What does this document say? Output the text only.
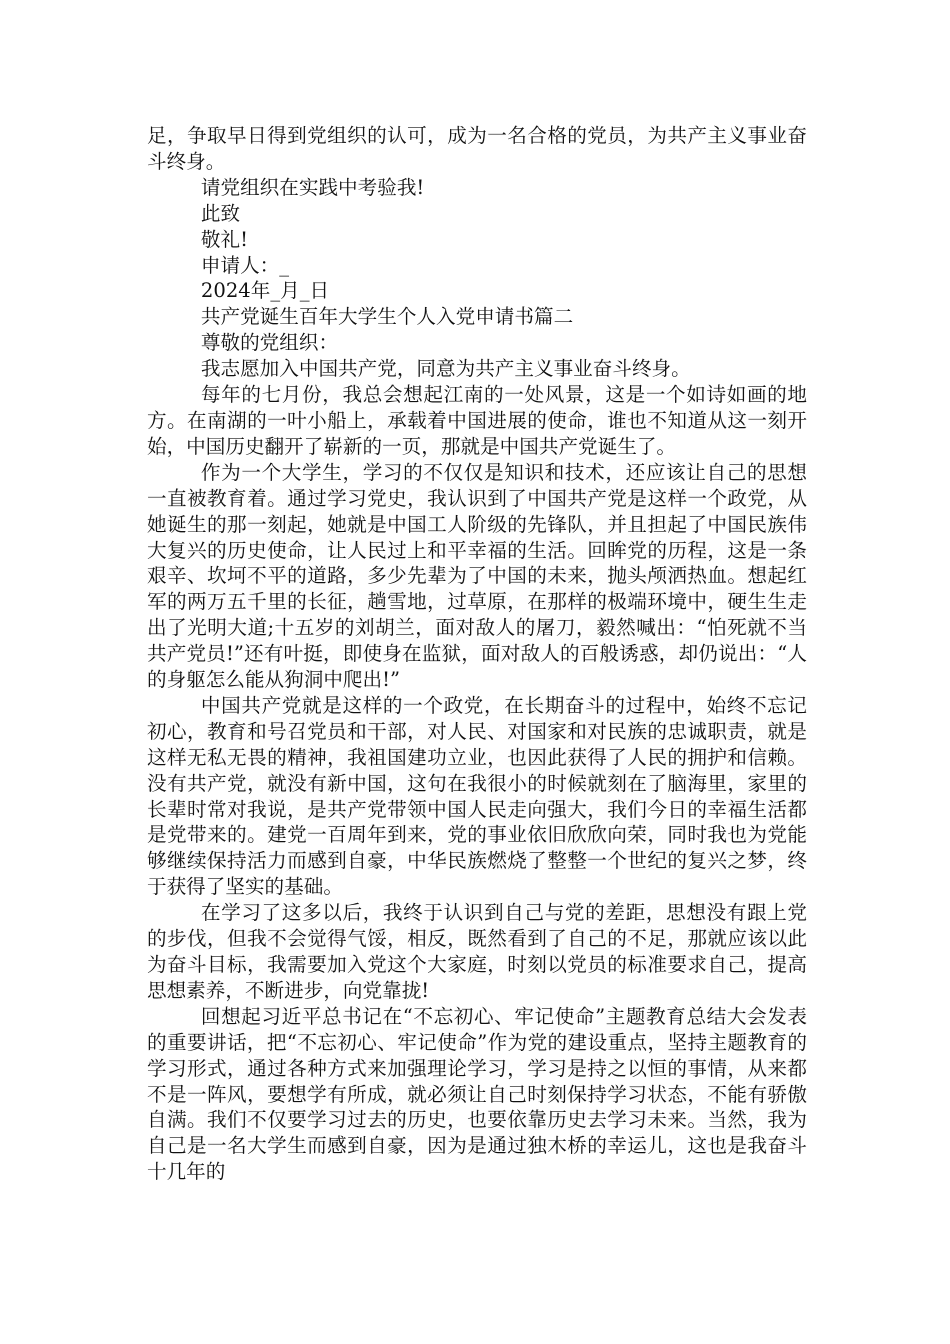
足，争取早日得到党组织的认可，成为一名合格的党员，为共产主义事业奋斗终身。

请党组织在实践中考验我!

此致

敬礼!

申请人：_

2024年_月_日

共产党诞生百年大学生个人入党申请书篇二

尊敬的党组织：

我志愿加入中国共产党，同意为共产主义事业奋斗终身。

每年的七月份，我总会想起江南的一处风景，这是一个如诗如画的地方。在南湖的一叶小船上，承载着中国进展的使命，谁也不知道从这一刻开始，中国历史翻开了崭新的一页，那就是中国共产党诞生了。

作为一个大学生，学习的不仅仅是知识和技术，还应该让自己的思想一直被教育着。通过学习党史，我认识到了中国共产党是这样一个政党，从她诞生的那一刻起，她就是中国工人阶级的先锋队，并且担起了中国民族伟大复兴的历史使命，让人民过上和平幸福的生活。回眸党的历程，这是一条艰辛、坎坷不平的道路，多少先辈为了中国的未来，抛头颅洒热血。想起红军的两万五千里的长征，趟雪地，过草原，在那样的极端环境中，硬生生走出了光明大道;十五岁的刘胡兰，面对敌人的屠刀，毅然喊出：“怕死就不当共产党员!”还有叶挺，即使身在监狱，面对敌人的百般诱惑，却仍说出：“人的身躯怎么能从狗洞中爬出!”

中国共产党就是这样的一个政党，在长期奋斗的过程中，始终不忘记初心，教育和号召党员和干部，对人民、对国家和对民族的忠诚职责，就是这样无私无畏的精神，我祖国建功立业，也因此获得了人民的拥护和信赖。没有共产党，就没有新中国，这句在我很小的时候就刻在了脑海里，家里的长辈时常对我说，是共产党带领中国人民走向强大，我们今日的幸福生活都是党带来的。建党一百周年到来，党的事业依旧欣欣向荣，同时我也为党能够继续保持活力而感到自豪，中华民族燃烧了整整一个世纪的复兴之梦，终于获得了坚实的基础。

在学习了这多以后，我终于认识到自己与党的差距，思想没有跟上党的步伐，但我不会觉得气馁，相反，既然看到了自己的不足，那就应该以此为奋斗目标，我需要加入党这个大家庭，时刻以党员的标准要求自己，提高思想素养，不断进步，向党靠拢!

回想起习近平总书记在“不忘初心、牢记使命”主题教育总结大会发表的重要讲话，把“不忘初心、牢记使命”作为党的建设重点，坚持主题教育的学习形式，通过各种方式来加强理论学习，学习是持之以恒的事情，从来都不是一阵风，要想学有所成，就必须让自己时刻保持学习状态，不能有骄傲自满。我们不仅要学习过去的历史，也要依靠历史去学习未来。当然，我为自己是一名大学生而感到自豪，因为是通过独木桥的幸运儿，这也是我奋斗十几年的
